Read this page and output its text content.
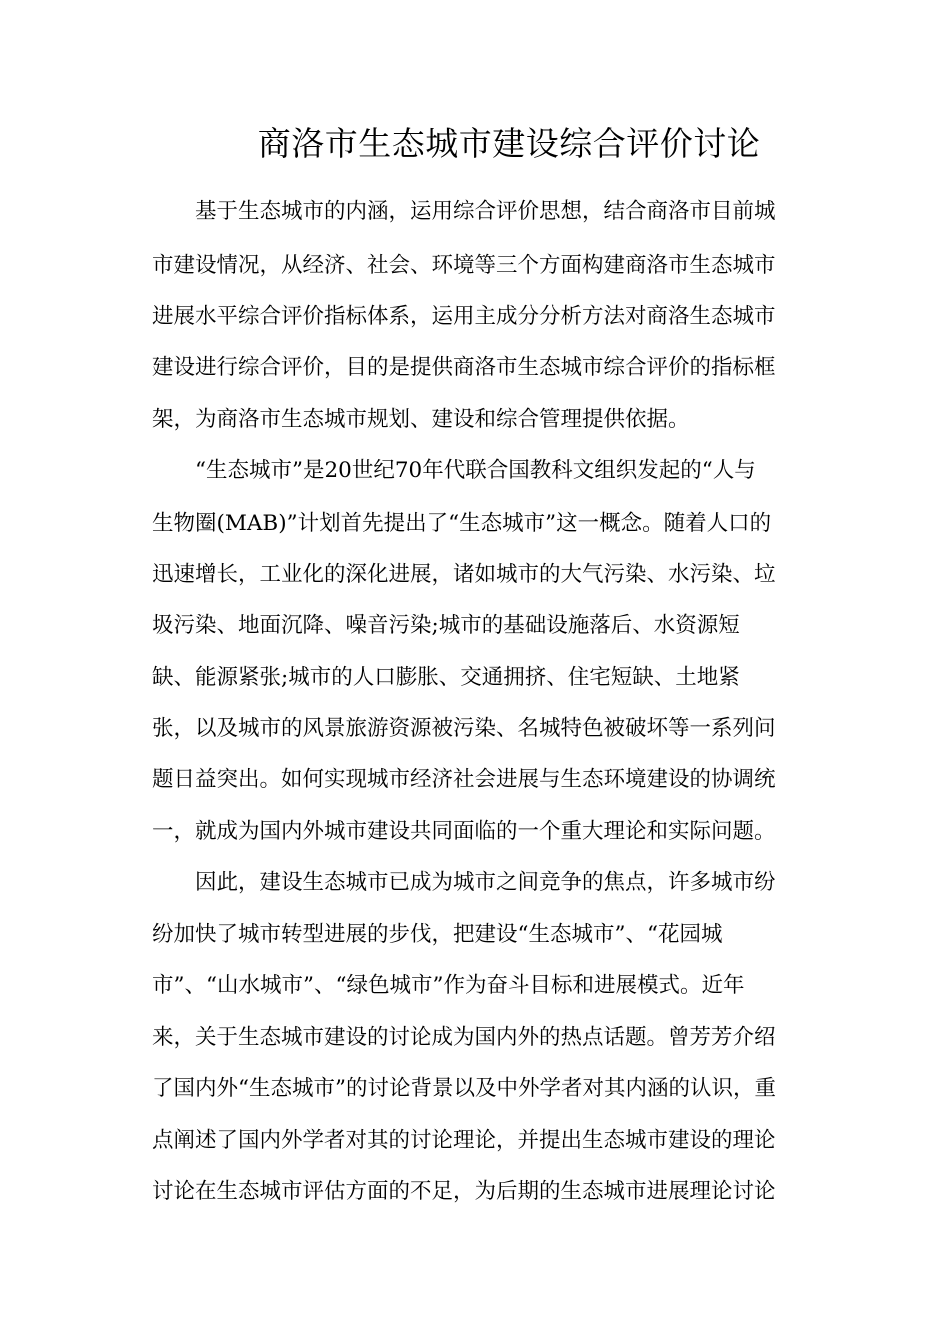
商洛市生态城市建设综合评价讨论
基于生态城市的内涵，运用综合评价思想，结合商洛市目前城
市建设情况，从经济、社会、环境等三个方面构建商洛市生态城市
进展水平综合评价指标体系，运用主成分分析方法对商洛生态城市
建设进行综合评价，目的是提供商洛市生态城市综合评价的指标框
架，为商洛市生态城市规划、建设和综合管理提供依据。
“生态城市”是20世纪70年代联合国教科文组织发起的“人与
生物圈(MAB)”计划首先提出了“生态城市”这一概念。随着人口的
迅速增长，工业化的深化进展，诸如城市的大气污染、水污染、垃
圾污染、地面沉降、噪音污染;城市的基础设施落后、水资源短
缺、能源紧张;城市的人口膨胀、交通拥挤、住宅短缺、土地紧
张，以及城市的风景旅游资源被污染、名城特色被破坏等一系列问
题日益突出。如何实现城市经济社会进展与生态环境建设的协调统
一，就成为国内外城市建设共同面临的一个重大理论和实际问题。
因此，建设生态城市已成为城市之间竞争的焦点，许多城市纷
纷加快了城市转型进展的步伐，把建设“生态城市”、“花园城
市”、“山水城市”、“绿色城市”作为奋斗目标和进展模式。近年
来，关于生态城市建设的讨论成为国内外的热点话题。曾芳芳介绍
了国内外“生态城市”的讨论背景以及中外学者对其内涵的认识，重
点阐述了国内外学者对其的讨论理论，并提出生态城市建设的理论
讨论在生态城市评估方面的不足，为后期的生态城市进展理论讨论
